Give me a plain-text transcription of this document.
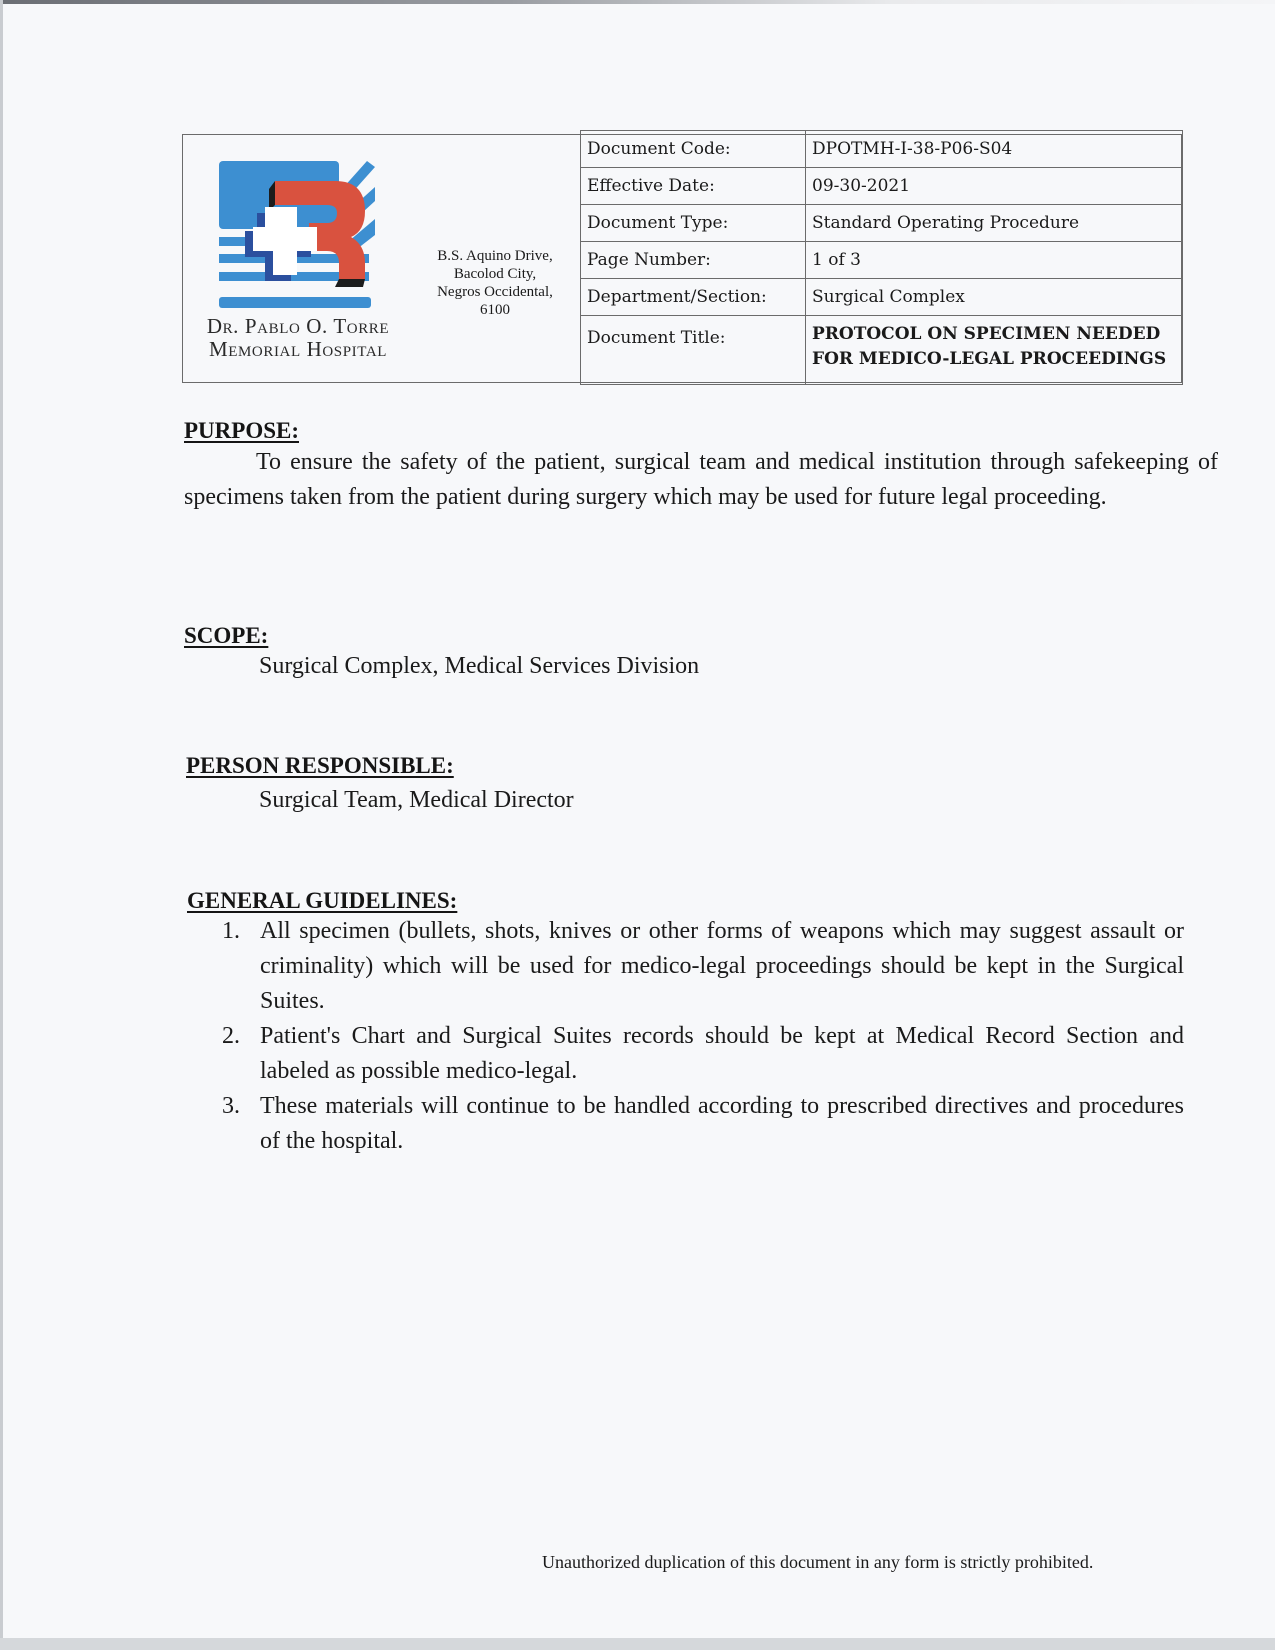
Dr. Pablo O. Torre
Memorial Hospital
B.S. Aquino Drive,
Bacolod City,
Negros Occidental,
6100
Document Code:	DPOTMH-I-38-P06-S04
Effective Date:	09-30-2021
Document Type:	Standard Operating Procedure
Page Number:	1 of 3
Department/Section:	Surgical Complex
Document Title:	PROTOCOL ON SPECIMEN NEEDED
FOR MEDICO-LEGAL PROCEEDINGS
PURPOSE:
To ensure the safety of the patient, surgical team and medical institution through safekeeping of specimens taken from the patient during surgery which may be used for future legal proceeding.
SCOPE:
Surgical Complex, Medical Services Division
PERSON RESPONSIBLE:
Surgical Team, Medical Director
GENERAL GUIDELINES:
1. All specimen (bullets, shots, knives or other forms of weapons which may suggest assault or criminality) which will be used for medico-legal proceedings should be kept in the Surgical Suites.
2. Patient's Chart and Surgical Suites records should be kept at Medical Record Section and labeled as possible medico-legal.
3. These materials will continue to be handled according to prescribed directives and procedures of the hospital.
Unauthorized duplication of this document in any form is strictly prohibited.
